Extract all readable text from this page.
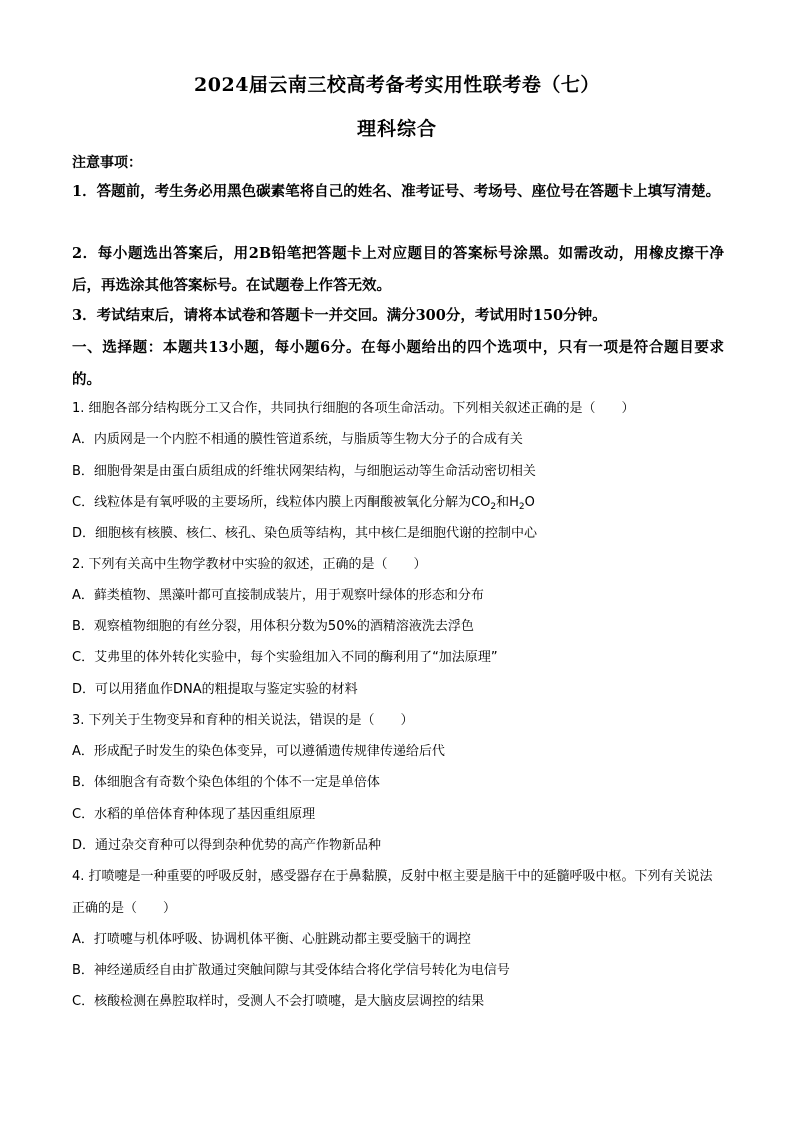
2024届云南三校高考备考实用性联考卷（七）
理科综合
注意事项：
1．答题前，考生务必用黑色碳素笔将自己的姓名、准考证号、考场号、座位号在答题卡上填写清楚。
2．每小题选出答案后，用2B铅笔把答题卡上对应题目的答案标号涂黑。如需改动，用橡皮擦干净后，再选涂其他答案标号。在试题卷上作答无效。
3．考试结束后，请将本试卷和答题卡一并交回。满分300分，考试用时150分钟。
一、选择题：本题共13小题，每小题6分。在每小题给出的四个选项中，只有一项是符合题目要求的。
1. 细胞各部分结构既分工又合作，共同执行细胞的各项生命活动。下列相关叙述正确的是（　　）
A．内质网是一个内腔不相通的膜性管道系统，与脂质等生物大分子的合成有关
B．细胞骨架是由蛋白质组成的纤维状网架结构，与细胞运动等生命活动密切相关
C．线粒体是有氧呼吸的主要场所，线粒体内膜上丙酮酸被氧化分解为$CO_2$和$H_2O$
D．细胞核有核膜、核仁、核孔、染色质等结构，其中核仁是细胞代谢的控制中心
2. 下列有关高中生物学教材中实验的叙述，正确的是（　　）
A．藓类植物、黑藻叶都可直接制成装片，用于观察叶绿体的形态和分布
B．观察植物细胞的有丝分裂，用体积分数为50%的酒精溶液洗去浮色
C．艾弗里的体外转化实验中，每个实验组加入不同的酶利用了“加法原理”
D．可以用猪血作DNA的粗提取与鉴定实验的材料
3. 下列关于生物变异和育种的相关说法，错误的是（　　）
A．形成配子时发生的染色体变异，可以遵循遗传规律传递给后代
B．体细胞含有奇数个染色体组的个体不一定是单倍体
C．水稻的单倍体育种体现了基因重组原理
D．通过杂交育种可以得到杂种优势的高产作物新品种
4. 打喷嚏是一种重要的呼吸反射，感受器存在于鼻黏膜，反射中枢主要是脑干中的延髓呼吸中枢。下列有关说法正确的是（　　）
A．打喷嚏与机体呼吸、协调机体平衡、心脏跳动都主要受脑干的调控
B．神经递质经自由扩散通过突触间隙与其受体结合将化学信号转化为电信号
C．核酸检测在鼻腔取样时，受测人不会打喷嚏，是大脑皮层调控的结果
